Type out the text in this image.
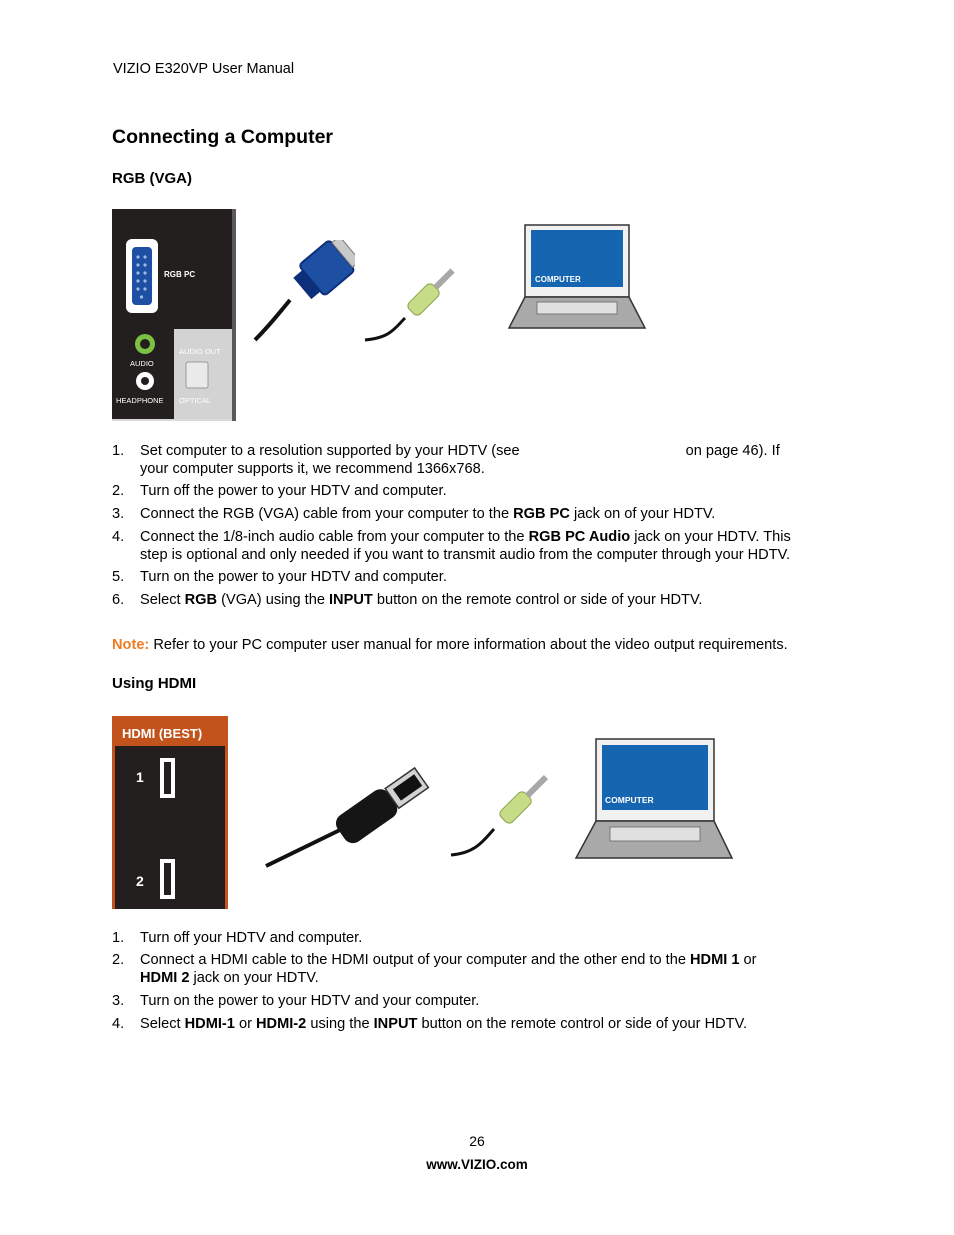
VIZIO E320VP User Manual
Connecting a Computer
RGB (VGA)
RGB PC
AUDIO
HEADPHONE
AUDIO OUT
OPTICAL
COMPUTER
1. Set computer to a resolution supported by your HDTV (see	on page 46). If
your computer supports it, we recommend 1366x768.
2. Turn off the power to your HDTV and computer.
3. Connect the RGB (VGA) cable from your computer to the RGB PC jack on of your HDTV.
4. Connect the 1/8-inch audio cable from your computer to the RGB PC Audio jack on your HDTV. This
step is optional and only needed if you want to transmit audio from the computer through your HDTV.
5. Turn on the power to your HDTV and computer.
6. Select RGB (VGA) using the INPUT button on the remote control or side of your HDTV.
Note: Refer to your PC computer user manual for more information about the video output requirements.
Using HDMI
HDMI (BEST)
1
2
COMPUTER
1. Turn off your HDTV and computer.
2. Connect a HDMI cable to the HDMI output of your computer and the other end to the HDMI 1 or
HDMI 2 jack on your HDTV.
3. Turn on the power to your HDTV and your computer.
4. Select HDMI-1 or HDMI-2 using the INPUT button on the remote control or side of your HDTV.
26
www.VIZIO.com
